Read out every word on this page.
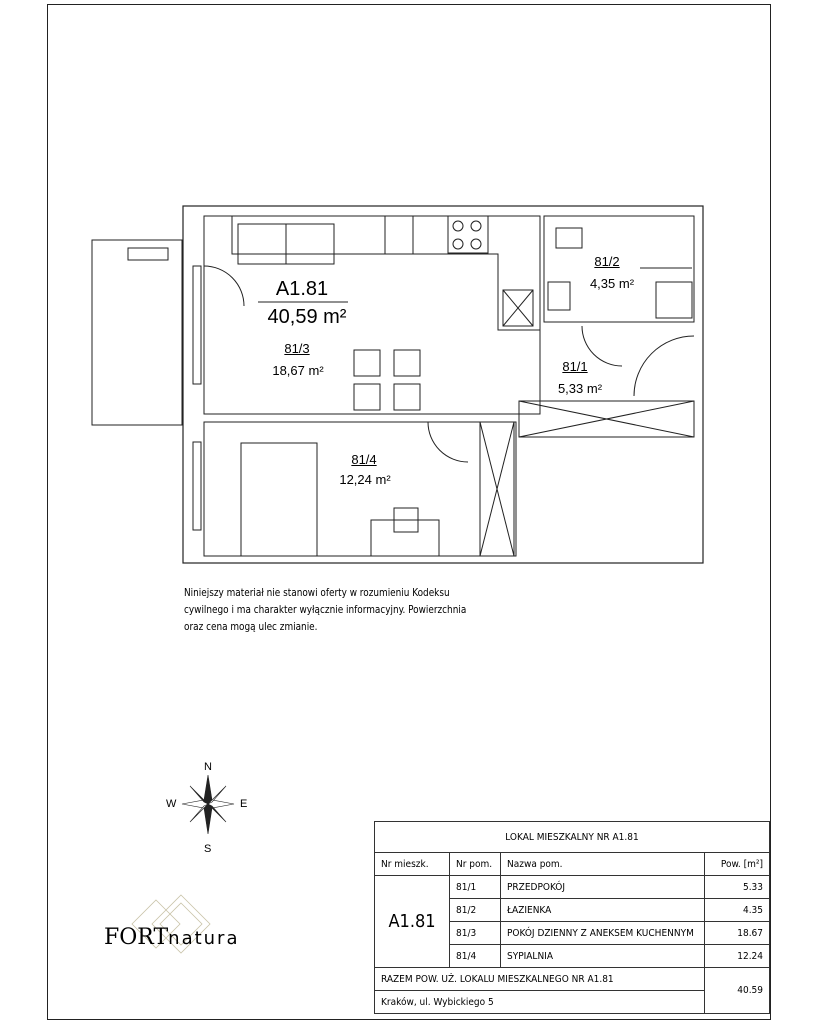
A1.81
40,59 m²
81/3
18,67 m²
81/2
4,35 m²
81/1
5,33 m²
81/4
12,24 m²
Niniejszy materiał nie stanowi oferty w rozumieniu Kodeksu
cywilnego i ma charakter wyłącznie informacyjny. Powierzchnia
oraz cena mogą ulec zmianie.
N
S
E
W
FORTnatura
LOKAL MIESZKALNY NR A1.81			
Nr mieszk.	Nr pom.	Nazwa pom.	Pow. [m²]
A1.81	81/1	PRZEDPOKÓJ	5.33
	81/2	ŁAZIENKA	4.35
	81/3	POKÓJ DZIENNY Z ANEKSEM KUCHENNYM	18.67
	81/4	SYPIALNIA	12.24
RAZEM POW. UŻ. LOKALU MIESZKALNEGO NR A1.81			40.59
Kraków, ul. Wybickiego 5			
